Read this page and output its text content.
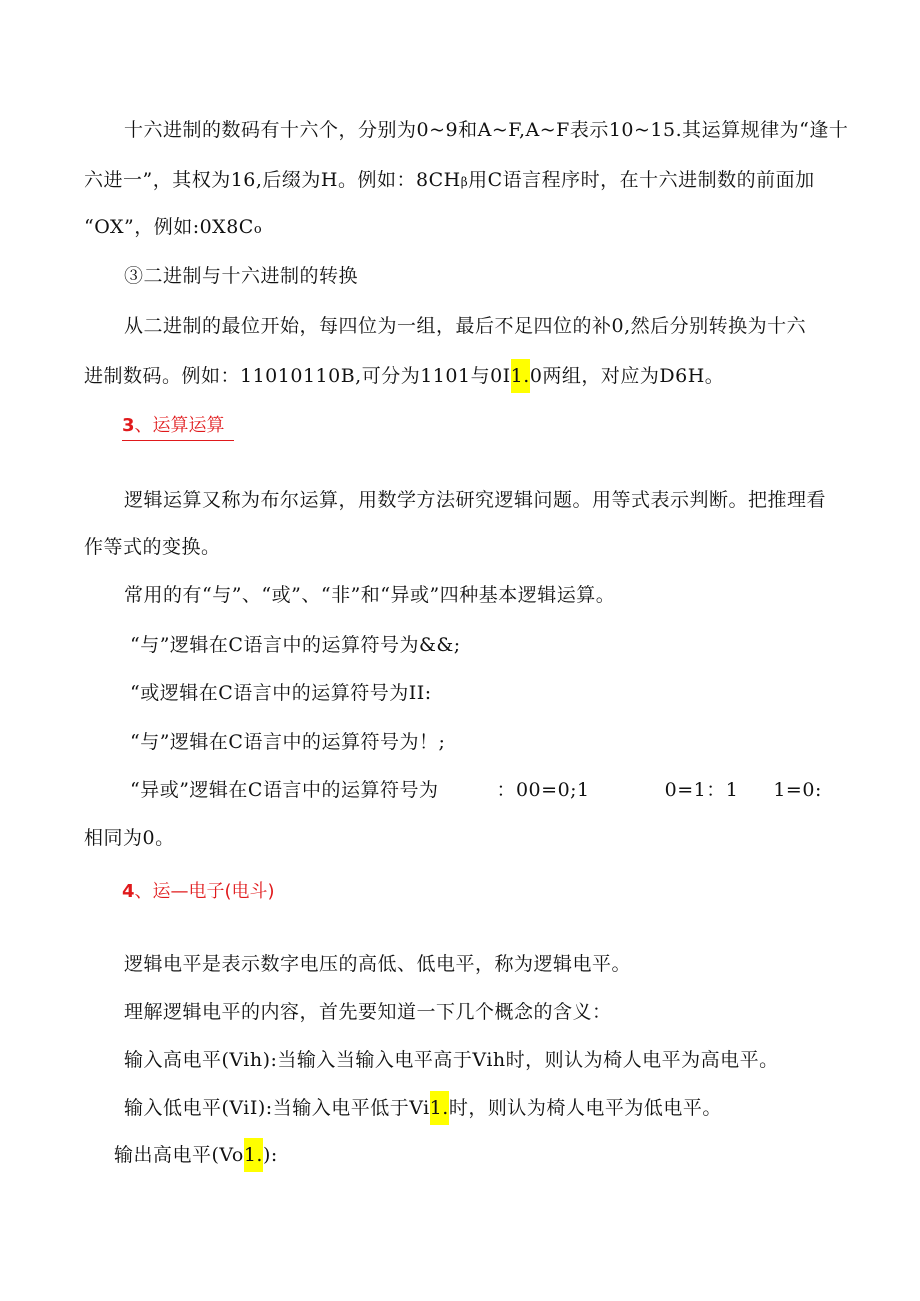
十六进制的数码有十六个，分别为0~9和A~F,A~F表示10~15.其运算规律为“逢十
六进一”，其权为16,后缀为H。例如：8CHβ用C语言程序时，在十六进制数的前面加
“OX”，例如:0X8Co
③二进制与十六进制的转换
从二进制的最位开始，每四位为一组，最后不足四位的补0,然后分别转换为十六
进制数码。例如：11010110B,可分为1101与0I1.0两组，对应为D6H。
3、运算运算
逻辑运算又称为布尔运算，用数学方法研究逻辑问题。用等式表示判断。把推理看
作等式的变换。
常用的有“与”、“或”、“非”和“异或”四种基本逻辑运算。
“与”逻辑在C语言中的运算符号为&&;
“或逻辑在C语言中的运算符号为II:
“与”逻辑在C语言中的运算符号为！;
“异或”逻辑在C语言中的运算符号为	：00=0;1	0=1：1 1=0:
相同为0。
4、运—电子(电斗)
逻辑电平是表示数字电压的高低、低电平，称为逻辑电平。
理解逻辑电平的内容，首先要知道一下几个概念的含义：
输入高电平(Vih):当输入当输入电平高于Vih时，则认为椅人电平为高电平。
输入低电平(ViI):当输入电平低于Vi1.时，则认为椅人电平为低电平。
输出高电平(Vo1.):
